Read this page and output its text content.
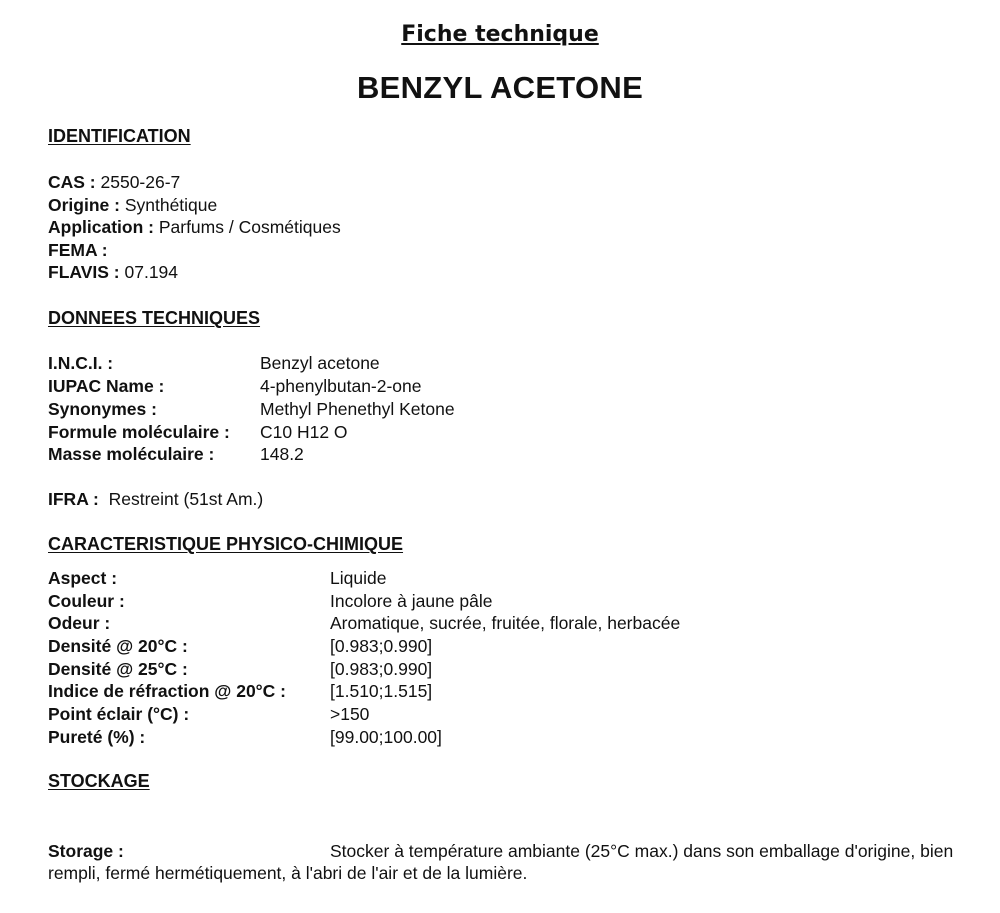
Fiche technique
BENZYL ACETONE
IDENTIFICATION
CAS : 2550-26-7
Origine : Synthétique
Application : Parfums / Cosmétiques
FEMA :
FLAVIS : 07.194
DONNEES TECHNIQUES
I.N.C.I. :	Benzyl acetone
IUPAC Name :	4-phenylbutan-2-one
Synonymes :	Methyl Phenethyl Ketone
Formule moléculaire : C10 H12 O
Masse moléculaire :	148.2
IFRA :  Restreint (51st Am.)
CARACTERISTIQUE PHYSICO-CHIMIQUE
Aspect :	Liquide
Couleur :	Incolore à jaune pâle
Odeur :	Aromatique, sucrée, fruitée, florale, herbacée
Densité @ 20°C :	[0.983;0.990]
Densité @ 25°C :	[0.983;0.990]
Indice de réfraction @ 20°C :	[1.510;1.515]
Point éclair (°C) :	>150
Pureté (%) :	[99.00;100.00]
STOCKAGE
Storage :	Stocker à température ambiante (25°C max.) dans son emballage d'origine, bien rempli, fermé hermétiquement, à l'abri de l'air et de la lumière.
